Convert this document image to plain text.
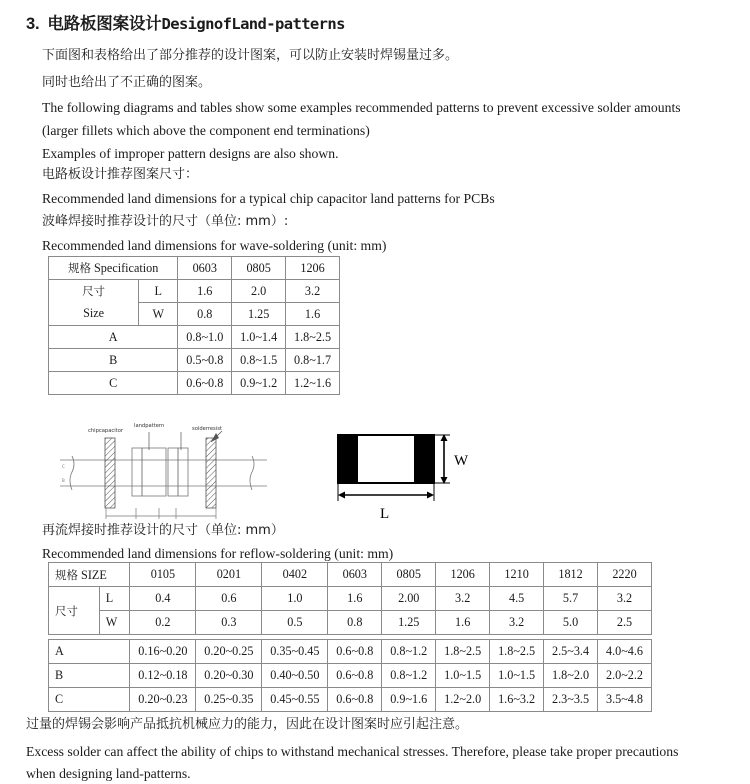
3. 电路板图案设计DesignofLand-patterns
下面图和表格给出了部分推荐的设计图案，可以防止安装时焊锡量过多。
同时也给出了不正确的图案。
The following diagrams and tables show some examples recommended patterns to prevent excessive solder amounts
(larger fillets which above the component end terminations)
Examples of improper pattern designs are also shown.
电路板设计推荐图案尺寸：
Recommended land dimensions for a typical chip capacitor land patterns for PCBs
波峰焊接时推荐设计的尺寸（单位: mm）:
Recommended land dimensions for wave-soldering (unit: mm)
规格 Specification		0603	0805	1206
尺寸	L	1.6	2.0	3.2
Size	W	0.8	1.25	1.6
A		0.8~1.0	1.0~1.4	1.8~2.5
B		0.5~0.8	0.8~1.5	0.8~1.7
C		0.6~0.8	0.9~1.2	1.2~1.6
chipcapacitor
landpattern	solderresist
C
B
W
L
再流焊接时推荐设计的尺寸（单位: mm）
Recommended land dimensions for reflow-soldering (unit: mm)
规格 SIZE		0105	0201	0402	0603	0805	1206	1210	1812	2220
尺寸	L	0.4	0.6	1.0	1.6	2.00	3.2	4.5	5.7	3.2
	W	0.2	0.3	0.5	0.8	1.25	1.6	3.2	5.0	2.5

A		0.16~0.20	0.20~0.25	0.35~0.45	0.6~0.8	0.8~1.2	1.8~2.5	1.8~2.5	2.5~3.4	4.0~4.6
B		0.12~0.18	0.20~0.30	0.40~0.50	0.6~0.8	0.8~1.2	1.0~1.5	1.0~1.5	1.8~2.0	2.0~2.2
C		0.20~0.23	0.25~0.35	0.45~0.55	0.6~0.8	0.9~1.6	1.2~2.0	1.6~3.2	2.3~3.5	3.5~4.8
过量的焊锡会影响产品抵抗机械应力的能力，因此在设计图案时应引起注意。
Excess solder can affect the ability of chips to withstand mechanical stresses. Therefore, please take proper precautions
when designing land-patterns.
